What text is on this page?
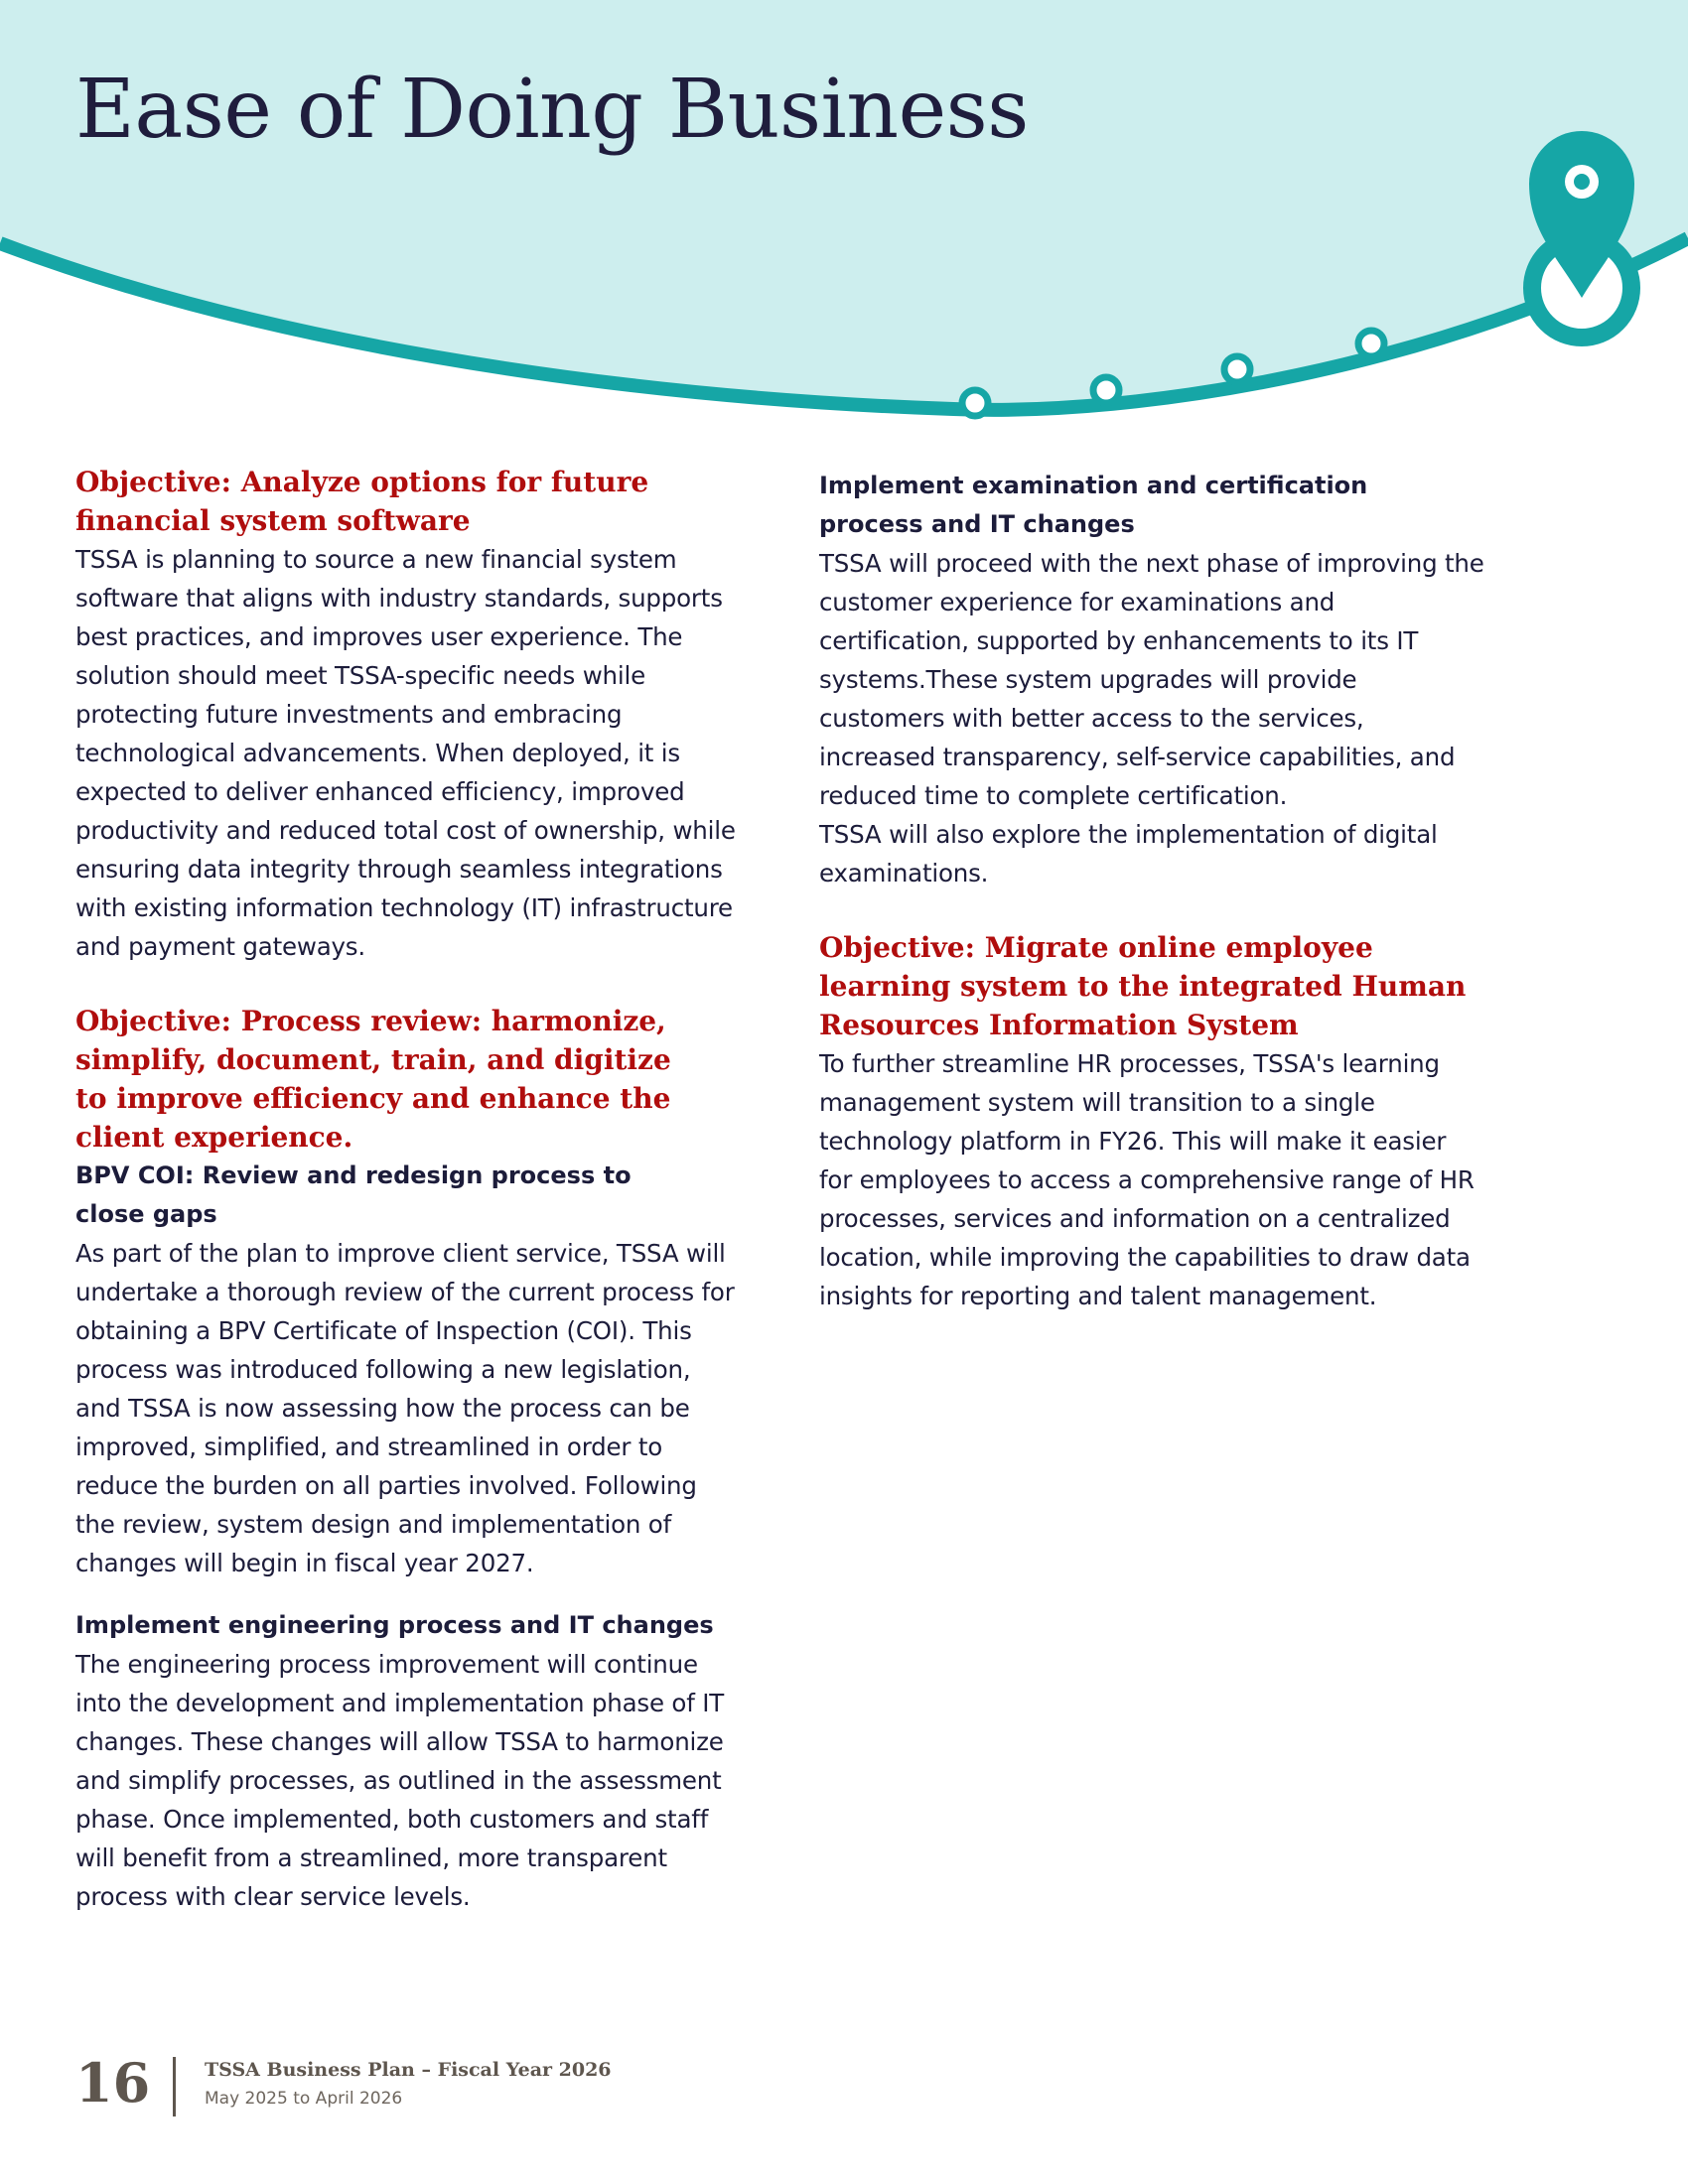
Ease of Doing Business
Objective: Analyze options for future financial system software

TSSA is planning to source a new financial system software that aligns with industry standards, supports best practices, and improves user experience. The solution should meet TSSA-specific needs while protecting future investments and embracing technological advancements. When deployed, it is expected to deliver enhanced efficiency, improved productivity and reduced total cost of ownership, while ensuring data integrity through seamless integrations with existing information technology (IT) infrastructure and payment gateways.

Objective: Process review: harmonize, simplify, document, train, and digitize to improve efficiency and enhance the client experience.
BPV COI: Review and redesign process to close gaps

As part of the plan to improve client service, TSSA will undertake a thorough review of the current process for obtaining a BPV Certificate of Inspection (COI). This process was introduced following a new legislation, and TSSA is now assessing how the process can be improved, simplified, and streamlined in order to reduce the burden on all parties involved. Following the review, system design and implementation of changes will begin in fiscal year 2027.

Implement engineering process and IT changes

The engineering process improvement will continue into the development and implementation phase of IT changes. These changes will allow TSSA to harmonize and simplify processes, as outlined in the assessment phase. Once implemented, both customers and staff will benefit from a streamlined, more transparent process with clear service levels.

Implement examination and certification process and IT changes

TSSA will proceed with the next phase of improving the customer experience for examinations and certification, supported by enhancements to its IT systems.These system upgrades will provide customers with better access to the services, increased transparency, self-service capabilities, and reduced time to complete certification.

TSSA will also explore the implementation of digital examinations.

Objective: Migrate online employee learning system to the integrated Human Resources Information System

To further streamline HR processes, TSSA's learning management system will transition to a single technology platform in FY26. This will make it easier for employees to access a comprehensive range of HR processes, services and information on a centralized location, while improving the capabilities to draw data insights for reporting and talent management.

16	TSSA Business Plan – Fiscal Year 2026
May 2025 to April 2026
